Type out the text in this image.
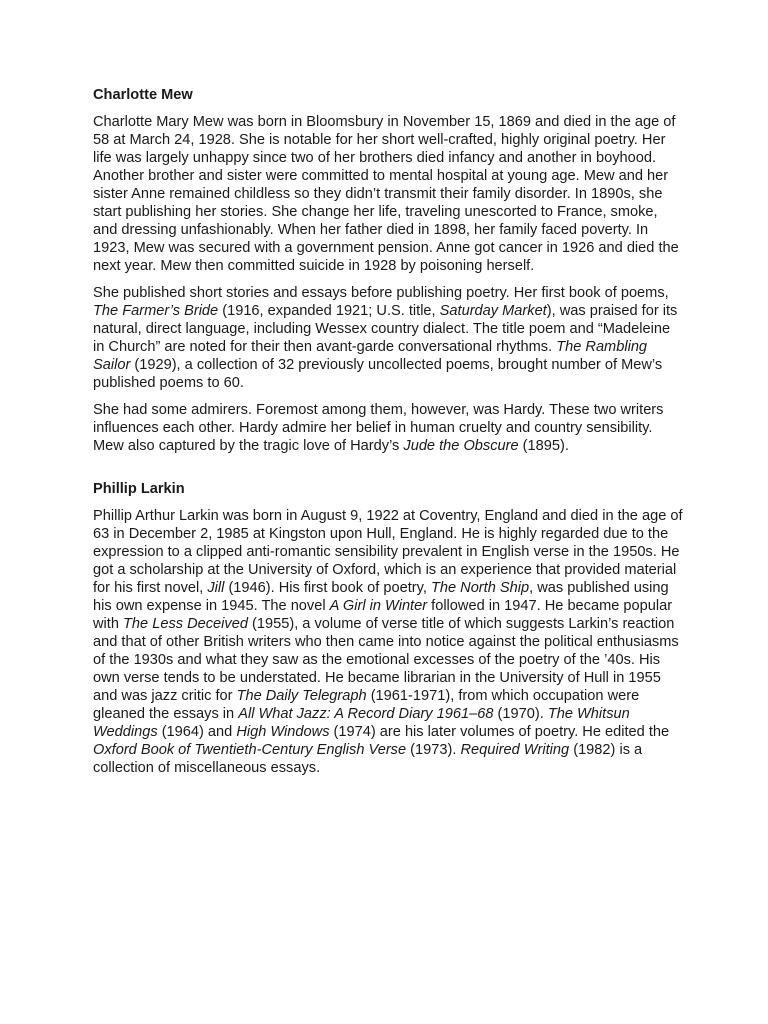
Charlotte Mew

Charlotte Mary Mew was born in Bloomsbury in November 15, 1869 and died in the age of 58 at March 24, 1928. She is notable for her short well-crafted, highly original poetry. Her life was largely unhappy since two of her brothers died infancy and another in boyhood. Another brother and sister were committed to mental hospital at young age. Mew and her sister Anne remained childless so they didn’t transmit their family disorder. In 1890s, she start publishing her stories. She change her life, traveling unescorted to France, smoke, and dressing unfashionably. When her father died in 1898, her family faced poverty. In 1923, Mew was secured with a government pension. Anne got cancer in 1926 and died the next year. Mew then committed suicide in 1928 by poisoning herself.

She published short stories and essays before publishing poetry. Her first book of poems, The Farmer’s Bride (1916, expanded 1921; U.S. title, Saturday Market), was praised for its natural, direct language, including Wessex country dialect. The title poem and “Madeleine in Church” are noted for their then avant-garde conversational rhythms. The Rambling Sailor (1929), a collection of 32 previously uncollected poems, brought number of Mew’s published poems to 60.

She had some admirers. Foremost among them, however, was Hardy. These two writers influences each other. Hardy admire her belief in human cruelty and country sensibility. Mew also captured by the tragic love of Hardy’s Jude the Obscure (1895).

Phillip Larkin

Phillip Arthur Larkin was born in August 9, 1922 at Coventry, England and died in the age of 63 in December 2, 1985 at Kingston upon Hull, England. He is highly regarded due to the expression to a clipped anti-romantic sensibility prevalent in English verse in the 1950s. He got a scholarship at the University of Oxford, which is an experience that provided material for his first novel, Jill (1946). His first book of poetry, The North Ship, was published using his own expense in 1945. The novel A Girl in Winter followed in 1947. He became popular with The Less Deceived (1955), a volume of verse title of which suggests Larkin’s reaction and that of other British writers who then came into notice against the political enthusiasms of the 1930s and what they saw as the emotional excesses of the poetry of the ’40s. His own verse tends to be understated. He became librarian in the University of Hull in 1955 and was jazz critic for The Daily Telegraph (1961-1971), from which occupation were gleaned the essays in All What Jazz: A Record Diary 1961–68 (1970). The Whitsun Weddings (1964) and High Windows (1974) are his later volumes of poetry. He edited the Oxford Book of Twentieth-Century English Verse (1973). Required Writing (1982) is a collection of miscellaneous essays.
